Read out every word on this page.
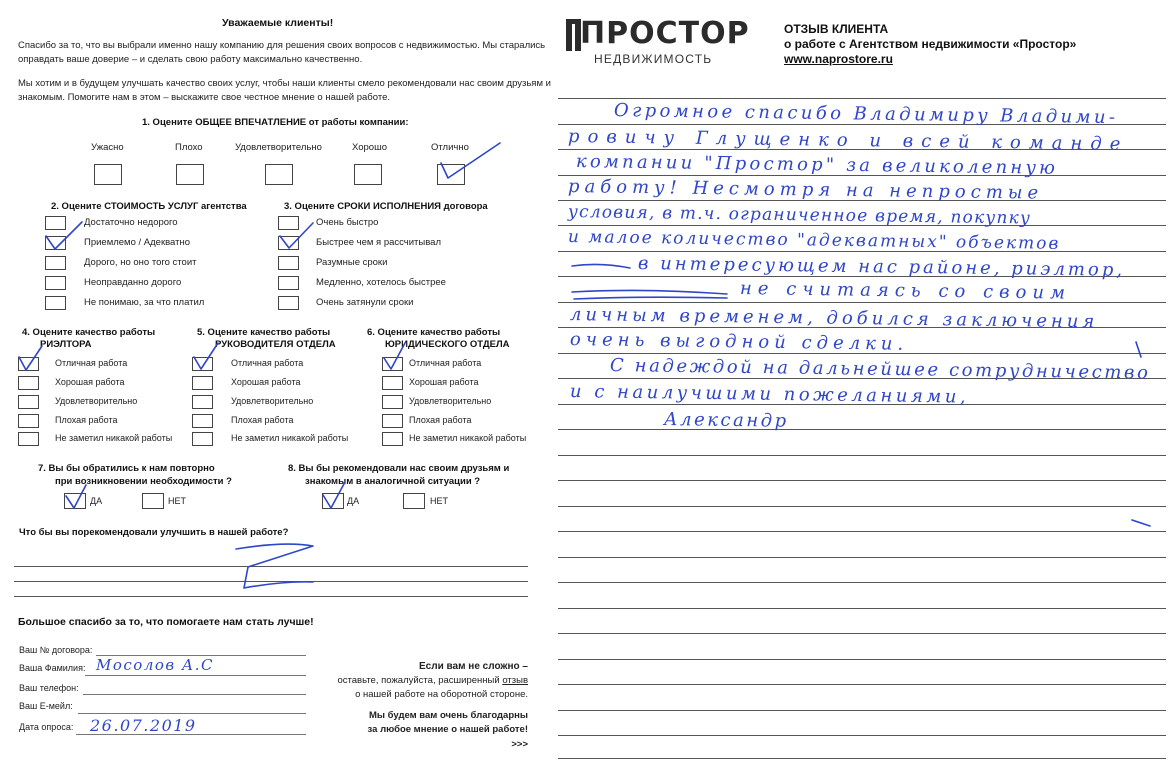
Уважаемые клиенты!
Спасибо за то, что вы выбрали именно нашу компанию для решения своих вопросов с недвижимостью. Мы старались
оправдать ваше доверие – и сделать свою работу максимально качественно.
Мы хотим и в будущем улучшать качество своих услуг, чтобы наши клиенты смело рекомендовали нас своим друзьям и
знакомым. Помогите нам в этом – выскажите свое честное мнение о нашей работе.
1. Оцените ОБЩЕЕ ВПЕЧАТЛЕНИЕ от работы компании:
Ужасно	Плохо	Удовлетворительно	Хорошо	Отлично
2. Оцените СТОИМОСТЬ УСЛУГ агентства
Достаточно недорого
Приемлемо / Адекватно
Дорого, но оно того стоит
Неоправданно дорого
Не понимаю, за что платил
3. Оцените СРОКИ ИСПОЛНЕНИЯ договора
Очень быстро
Быстрее чем я рассчитывал
Разумные сроки
Медленно, хотелось быстрее
Очень затянули сроки
4. Оцените качество работы
РИЭЛТОРА
Отличная работа
Хорошая работа
Удовлетворительно
Плохая работа
Не заметил никакой работы
5. Оцените качество работы
РУКОВОДИТЕЛЯ ОТДЕЛА
Отличная работа
Хорошая работа
Удовлетворительно
Плохая работа
Не заметил никакой работы
6. Оцените качество работы
ЮРИДИЧЕСКОГО ОТДЕЛА
Отличная работа
Хорошая работа
Удовлетворительно
Плохая работа
Не заметил никакой работы
7. Вы бы обратились к нам повторно
при возникновении необходимости ?
ДА	НЕТ
8. Вы бы рекомендовали нас своим друзьям и
знакомым в аналогичной ситуации ?
ДА	НЕТ
Что бы вы порекомендовали улучшить в нашей работе?
Большое спасибо за то, что помогаете нам стать лучше!
Ваш № договора:
Ваша Фамилия: Мосолов А.С
Ваш телефон:
Ваш Е-мейл:
Дата опроса: 26.07.2019
Если вам не сложно –
оставьте, пожалуйста, расширенный отзыв
о нашей работе на оборотной стороне.
Мы будем вам очень благодарны
за любое мнение о нашей работе!
>>>
ПРОСТОР
НЕДВИЖИМОСТЬ
ОТЗЫВ КЛИЕНТА
о работе с Агентством недвижимости «Простор»
www.naprostore.ru
Огромное спасибо Владимиру Владими-
ровичу Глущенко и всей команде
компании "Простор" за великолепную
работу! Несмотря на непростые
условия, в т.ч. ограниченное время, покупку
и малое количество "адекватных" объектов
в интересующем нас районе, риэлтор,
не считаясь со своим
личным временем, добился заключения
очень выгодной сделки.
С надеждой на дальнейшее сотрудничество
и с наилучшими пожеланиями,
Александр
